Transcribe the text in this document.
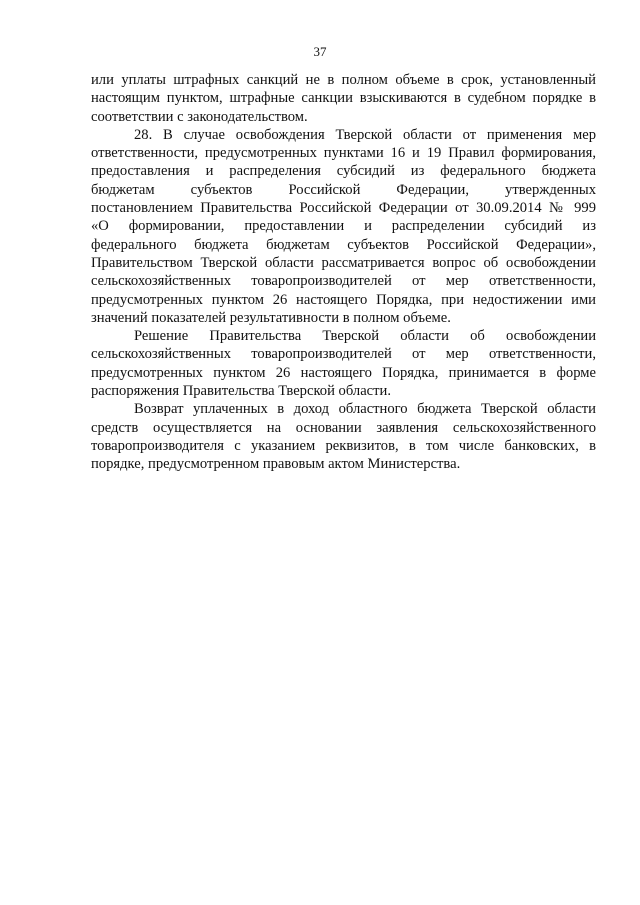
37
или уплаты штрафных санкций не в полном объеме в срок, установленный
настоящим пунктом, штрафные санкции взыскиваются в судебном порядке в
соответствии с законодательством.
28. В случае освобождения Тверской области от применения мер
ответственности, предусмотренных пунктами 16 и 19 Правил формирования,
предоставления и распределения субсидий из федерального бюджета
бюджетам субъектов Российской Федерации, утвержденных
постановлением Правительства Российской Федерации от 30.09.2014 № 999
«О формировании, предоставлении и распределении субсидий из
федерального бюджета бюджетам субъектов Российской Федерации»,
Правительством Тверской области рассматривается вопрос об освобождении
сельскохозяйственных товаропроизводителей от мер ответственности,
предусмотренных пунктом 26 настоящего Порядка, при недостижении ими
значений показателей результативности в полном объеме.
Решение Правительства Тверской области об освобождении
сельскохозяйственных товаропроизводителей от мер ответственности,
предусмотренных пунктом 26 настоящего Порядка, принимается в форме
распоряжения Правительства Тверской области.
Возврат уплаченных в доход областного бюджета Тверской области
средств осуществляется на основании заявления сельскохозяйственного
товаропроизводителя с указанием реквизитов, в том числе банковских, в
порядке, предусмотренном правовым актом Министерства.
